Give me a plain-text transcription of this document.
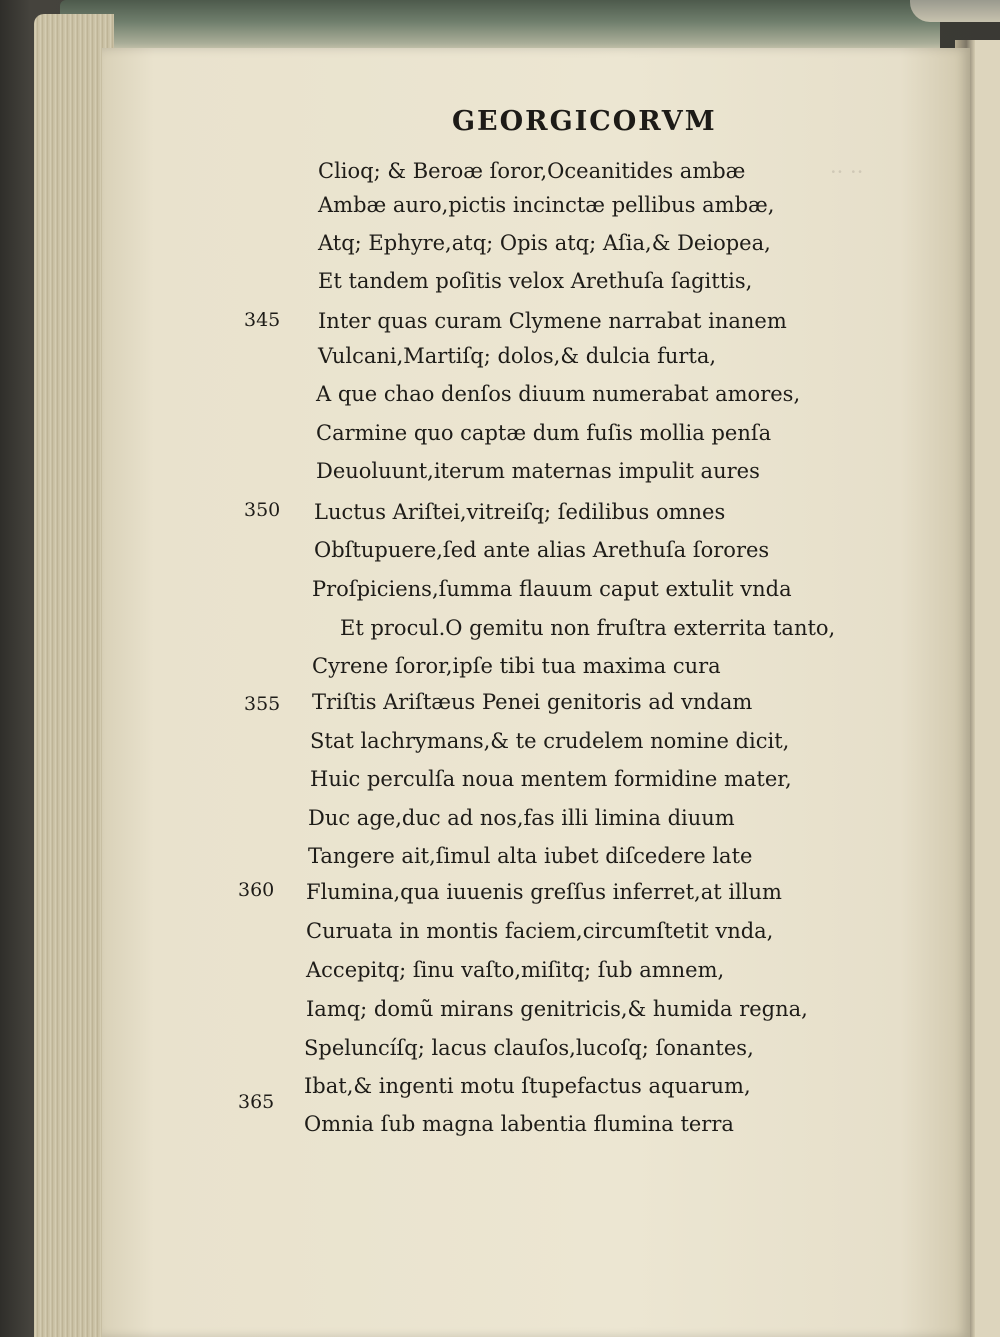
·· ··
GEORGICORVM
Clioq; & Beroæ ſoror,Oceanitides ambæ
Ambæ auro,pictis incinctæ pellibus ambæ,
Atq; Ephyre,atq; Opis atq; Aſia,& Deiopea,
Et tandem poſitis velox Arethuſa ſagittis,
Inter quas curam Clymene narrabat inanem
345
Vulcani,Martiſq; dolos,& dulcia furta,
A que chao denſos diuum numerabat amores,
Carmine quo captæ dum fuſis mollia penſa
Deuoluunt,iterum maternas impulit aures
Luctus Ariſtei,vitreiſq; ſedilibus omnes
350
Obſtupuere,ſed ante alias Arethuſa ſorores
Proſpiciens,ſumma flauum caput extulit vnda
Et procul.O gemitu non fruſtra exterrita tanto,
Cyrene ſoror,ipſe tibi tua maxima cura
Triſtis Ariſtæus Penei genitoris ad vndam
355
Stat lachrymans,& te crudelem nomine dicit,
Huic perculſa noua mentem formidine mater,
Duc age,duc ad nos,fas illi limina diuum
Tangere ait,ſimul alta iubet diſcedere late
Flumina,qua iuuenis greſſus inferret,at illum
360
Curuata in montis faciem,circumſtetit vnda,
Accepitq; ſinu vaſto,miſitq; ſub amnem,
Iamq; domũ mirans genitricis,& humida regna,
Speluncíſq; lacus clauſos,lucoſq; ſonantes,
Ibat,& ingenti motu ſtupefactus aquarum,
365
Omnia ſub magna labentia flumina terra
